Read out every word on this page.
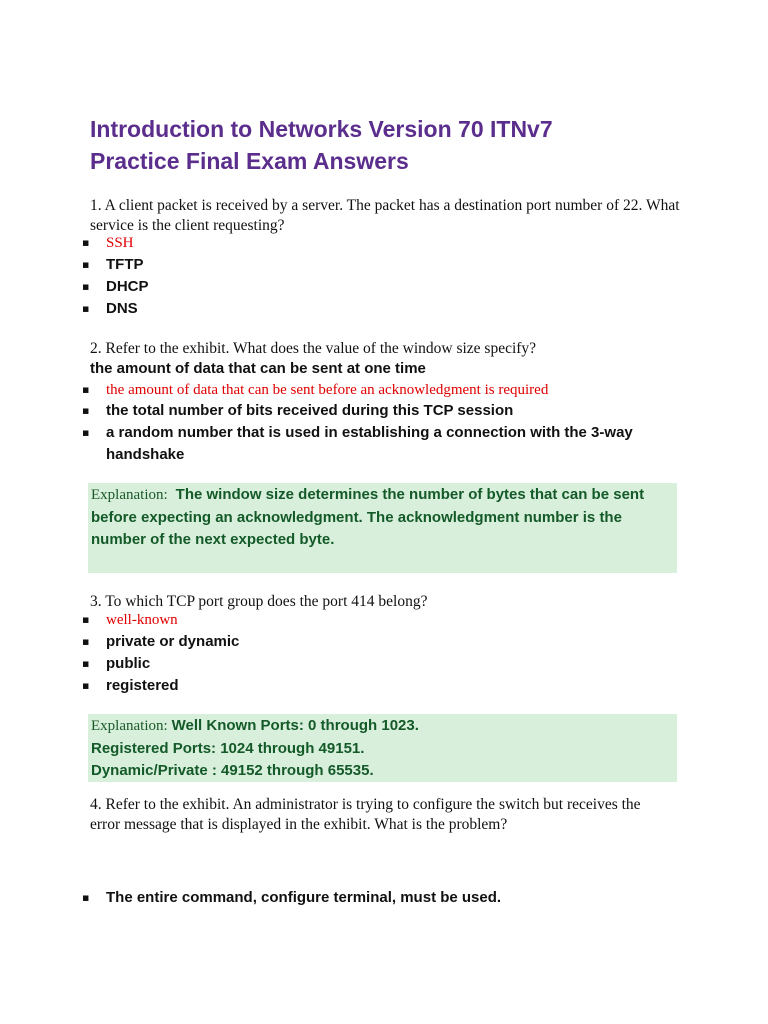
Introduction to Networks Version 70 ITNv7
Practice Final Exam Answers
1. A client packet is received by a server. The packet has a destination port number of 22. What service is the client requesting?
▪ SSH
▪ TFTP
▪ DHCP
▪ DNS
2. Refer to the exhibit. What does the value of the window size specify?
the amount of data that can be sent at one time
▪ the amount of data that can be sent before an acknowledgment is required
▪ the total number of bits received during this TCP session
▪ a random number that is used in establishing a connection with the 3-way handshake

Explanation: The window size determines the number of bytes that can be sent before expecting an acknowledgment. The acknowledgment number is the number of the next expected byte.

3. To which TCP port group does the port 414 belong?
▪ well-known
▪ private or dynamic
▪ public
▪ registered

Explanation: Well Known Ports: 0 through 1023.

Registered Ports: 1024 through 49151.

Dynamic/Private : 49152 through 65535.

4. Refer to the exhibit. An administrator is trying to configure the switch but receives the error message that is displayed in the exhibit. What is the problem?
▪ The entire command, configure terminal, must be used.
